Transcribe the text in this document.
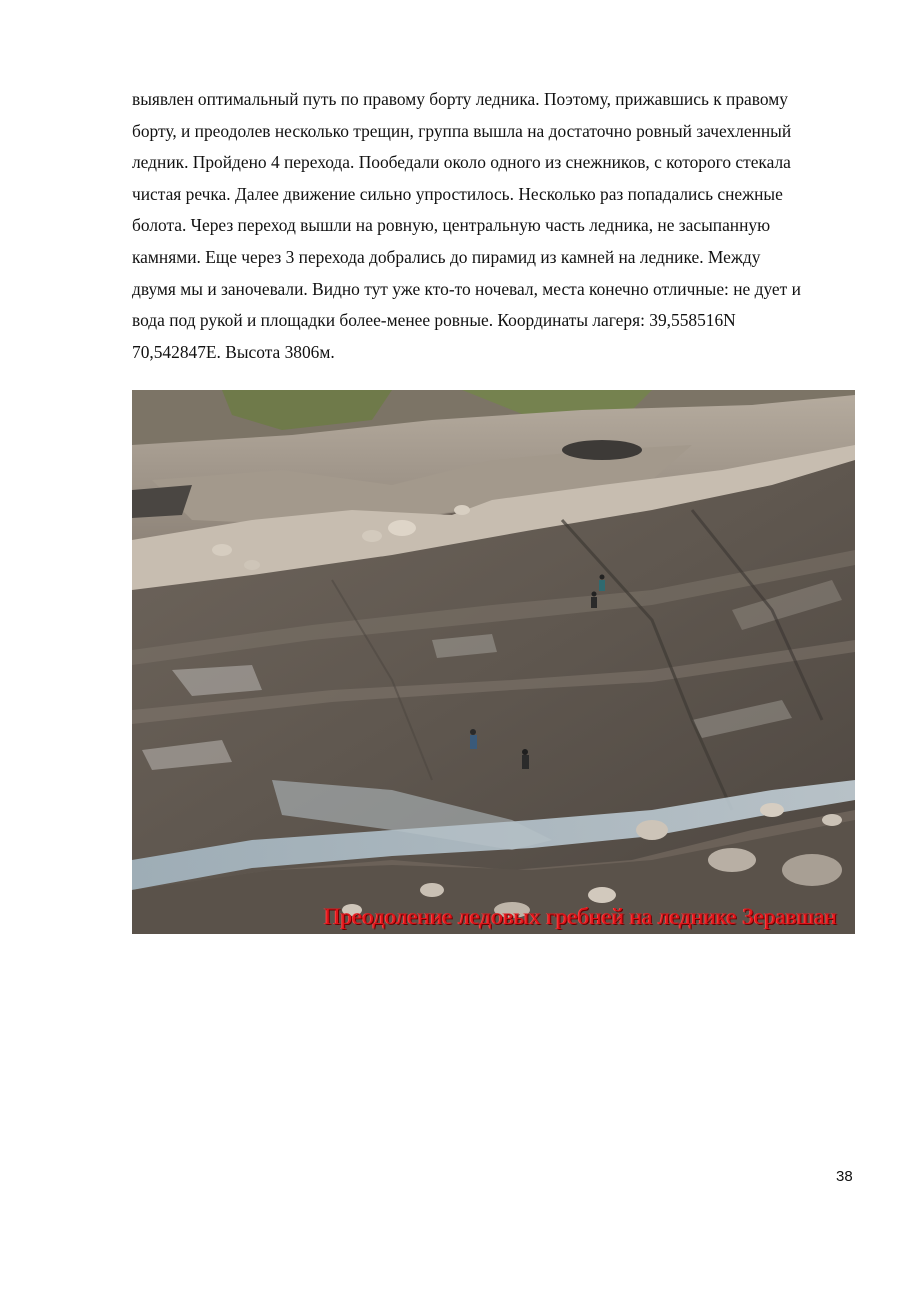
выявлен оптимальный путь по правому борту ледника. Поэтому, прижавшись к правому
борту, и преодолев несколько трещин, группа вышла на достаточно ровный зачехленный
ледник. Пройдено 4 перехода. Пообедали около одного из снежников, с которого стекала
чистая речка. Далее движение сильно упростилось. Несколько раз попадались снежные
болота. Через переход вышли на ровную, центральную часть ледника, не засыпанную
камнями. Еще через 3 перехода добрались до пирамид из камней на леднике. Между
двумя мы и заночевали. Видно тут уже кто-то ночевал, места конечно отличные: не дует и
вода под рукой и площадки более-менее ровные. Координаты лагеря: 39,558516N
70,542847E. Высота 3806м.
Преодоление ледовых гребней на леднике Зеравшан
38
